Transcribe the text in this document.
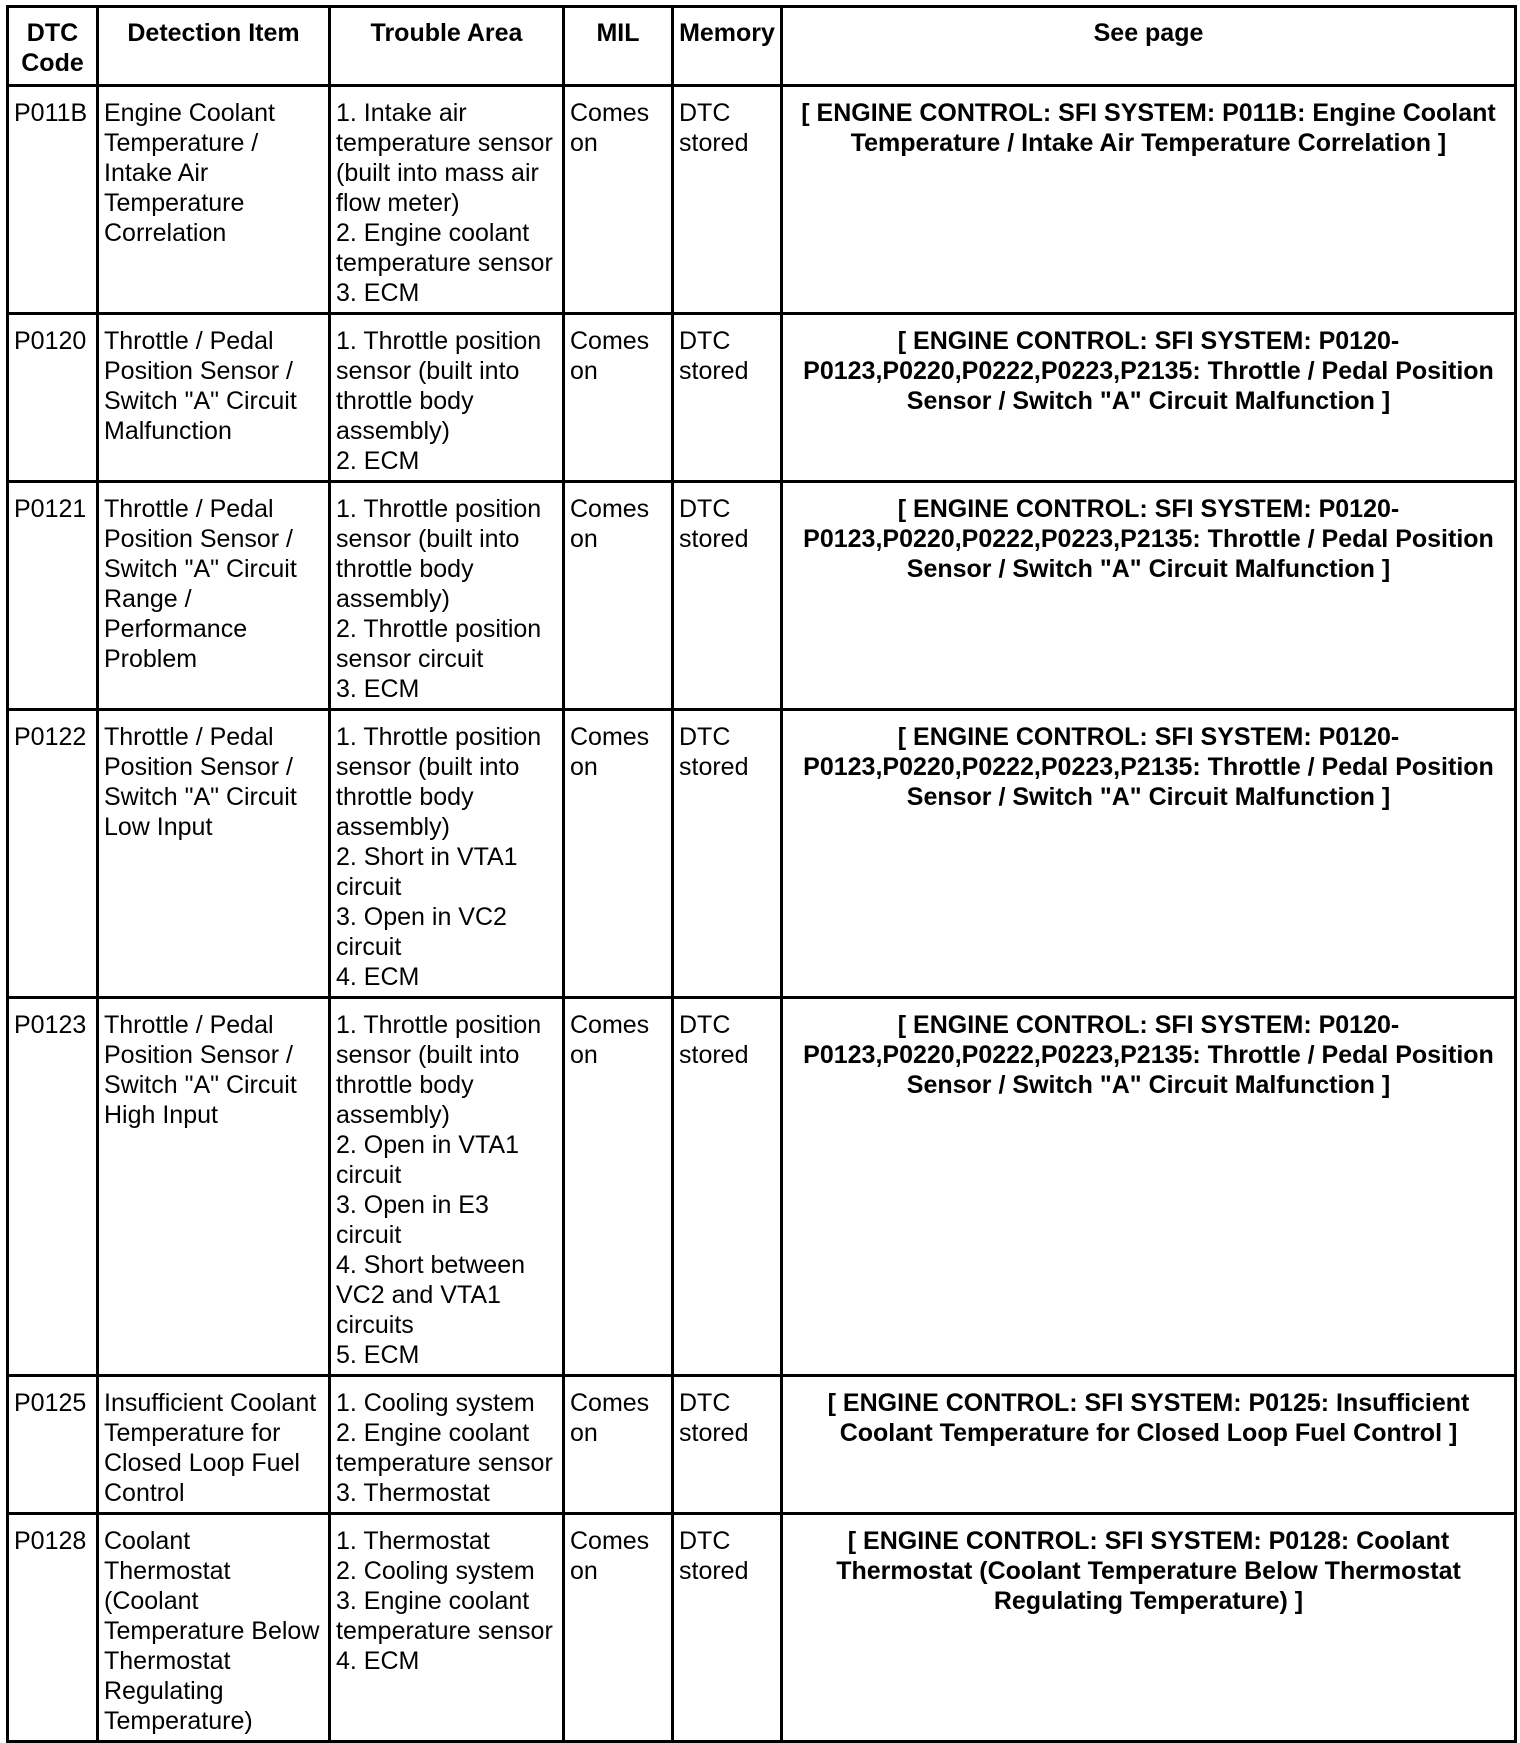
DTC
Code	Detection Item	Trouble Area	MIL	Memory	See page
P011B	Engine Coolant Temperature / Intake Air Temperature Correlation	1. Intake air temperature sensor (built into mass air flow meter)
2. Engine coolant temperature sensor
3. ECM	Comes on	DTC stored	[ ENGINE CONTROL: SFI SYSTEM: P011B: Engine Coolant Temperature / Intake Air Temperature Correlation ]
P0120	Throttle / Pedal Position Sensor / Switch "A" Circuit Malfunction	1. Throttle position sensor (built into throttle body assembly)
2. ECM	Comes on	DTC stored	[ ENGINE CONTROL: SFI SYSTEM: P0120-P0123,P0220,P0222,P0223,P2135: Throttle / Pedal Position Sensor / Switch "A" Circuit Malfunction ]
P0121	Throttle / Pedal Position Sensor / Switch "A" Circuit Range / Performance Problem	1. Throttle position sensor (built into throttle body assembly)
2. Throttle position sensor circuit
3. ECM	Comes on	DTC stored	[ ENGINE CONTROL: SFI SYSTEM: P0120-P0123,P0220,P0222,P0223,P2135: Throttle / Pedal Position Sensor / Switch "A" Circuit Malfunction ]
P0122	Throttle / Pedal Position Sensor / Switch "A" Circuit Low Input	1. Throttle position sensor (built into throttle body assembly)
2. Short in VTA1 circuit
3. Open in VC2 circuit
4. ECM	Comes on	DTC stored	[ ENGINE CONTROL: SFI SYSTEM: P0120-P0123,P0220,P0222,P0223,P2135: Throttle / Pedal Position Sensor / Switch "A" Circuit Malfunction ]
P0123	Throttle / Pedal Position Sensor / Switch "A" Circuit High Input	1. Throttle position sensor (built into throttle body assembly)
2. Open in VTA1 circuit
3. Open in E3 circuit
4. Short between VC2 and VTA1 circuits
5. ECM	Comes on	DTC stored	[ ENGINE CONTROL: SFI SYSTEM: P0120-P0123,P0220,P0222,P0223,P2135: Throttle / Pedal Position Sensor / Switch "A" Circuit Malfunction ]
P0125	Insufficient Coolant Temperature for Closed Loop Fuel Control	1. Cooling system
2. Engine coolant temperature sensor
3. Thermostat	Comes on	DTC stored	[ ENGINE CONTROL: SFI SYSTEM: P0125: Insufficient Coolant Temperature for Closed Loop Fuel Control ]
P0128	Coolant Thermostat (Coolant Temperature Below Thermostat Regulating Temperature)	1. Thermostat
2. Cooling system
3. Engine coolant temperature sensor
4. ECM	Comes on	DTC stored	[ ENGINE CONTROL: SFI SYSTEM: P0128: Coolant Thermostat (Coolant Temperature Below Thermostat Regulating Temperature) ]
